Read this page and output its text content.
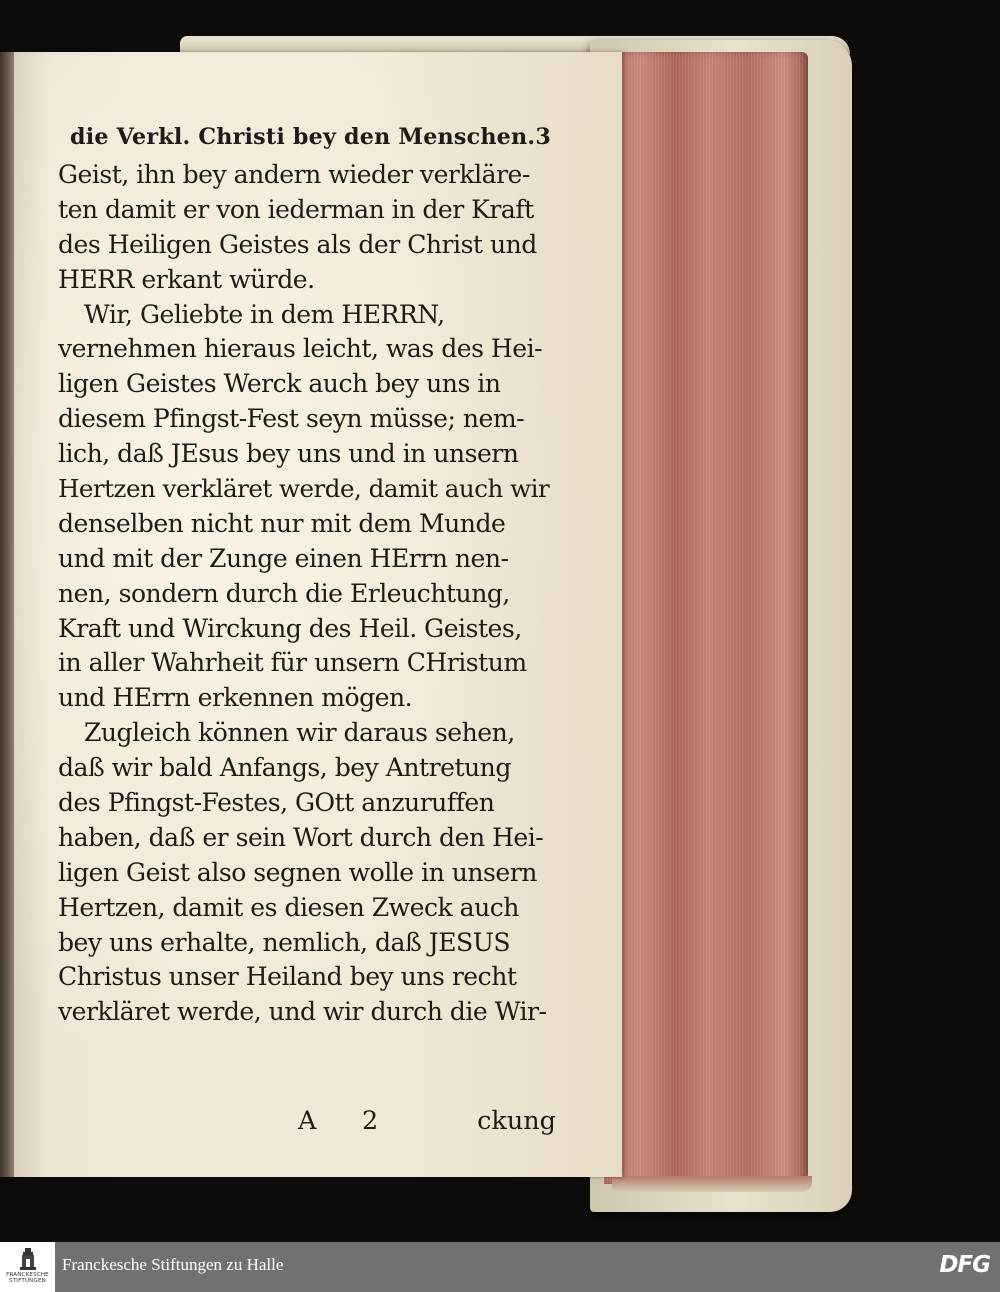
die Verkl. Christi bey den Menschen. 3
Geist, ihn bey andern wieder verkläre-
ten damit er von iederman in der Kraft
des Heiligen Geistes als der Christ und
HERR erkant würde.
Wir, Geliebte in dem HERRN,
vernehmen hieraus leicht, was des Hei-
ligen Geistes Werck auch bey uns in
diesem Pfingst-Fest seyn müsse; nem-
lich, daß JEsus bey uns und in unsern
Hertzen verkläret werde, damit auch wir
denselben nicht nur mit dem Munde
und mit der Zunge einen HErrn nen-
nen, sondern durch die Erleuchtung,
Kraft und Wirckung des Heil. Geistes,
in aller Wahrheit für unsern CHristum
und HErrn erkennen mögen.
Zugleich können wir daraus sehen,
daß wir bald Anfangs, bey Antretung
des Pfingst-Festes, GOtt anzuruffen
haben, daß er sein Wort durch den Hei-
ligen Geist also segnen wolle in unsern
Hertzen, damit es diesen Zweck auch
bey uns erhalte, nemlich, daß JESUS
Christus unser Heiland bey uns recht
verkläret werde, und wir durch die Wir-
A 2	ckung
FRANCKESCHE STIFTUNGEN
Franckesche Stiftungen zu Halle	DFG
